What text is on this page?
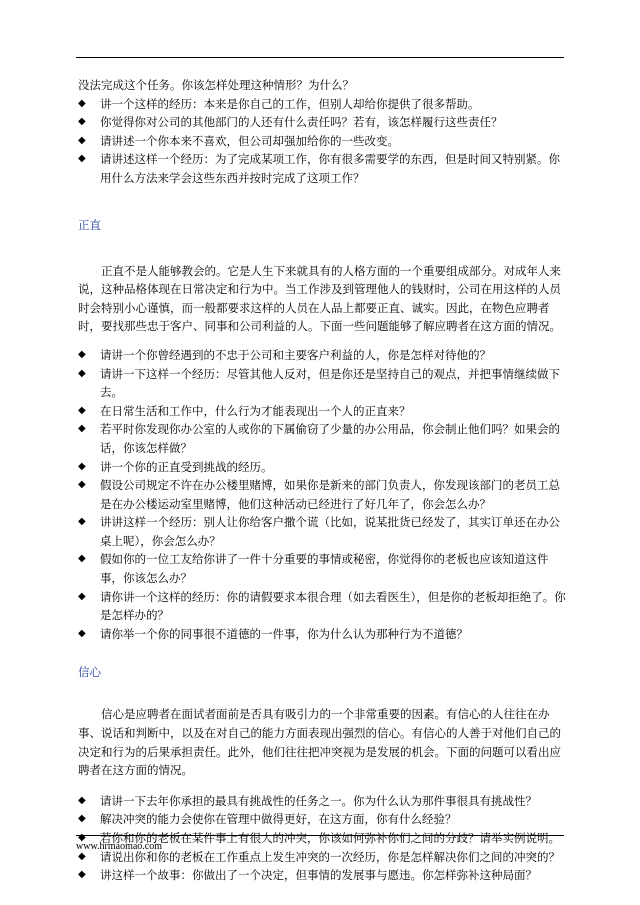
没法完成这个任务。你该怎样处理这种情形？为什么？

◆	讲一个这样的经历：本来是你自己的工作，但别人却给你提供了很多帮助。
◆	你觉得你对公司的其他部门的人还有什么责任吗？若有，该怎样履行这些责任？
◆	请讲述一个你本来不喜欢，但公司却强加给你的一些改变。
◆	请讲述这样一个经历：为了完成某项工作，你有很多需要学的东西，但是时间又特别紧。你用什么方法来学会这些东西并按时完成了这项工作？

正直

正直不是人能够教会的。它是人生下来就具有的人格方面的一个重要组成部分。对成年人来说，这种品格体现在日常决定和行为中。当工作涉及到管理他人的钱财时，公司在用这样的人员时会特别小心谨慎，而一般都要求这样的人员在人品上都要正直、诚实。因此，在物色应聘者时，要找那些忠于客户、同事和公司利益的人。下面一些问题能够了解应聘者在这方面的情况。

◆	请讲一个你曾经遇到的不忠于公司和主要客户利益的人，你是怎样对待他的？
◆	请讲一下这样一个经历：尽管其他人反对，但是你还是坚持自己的观点，并把事情继续做下去。
◆	在日常生活和工作中，什么行为才能表现出一个人的正直来？
◆	若平时你发现你办公室的人或你的下属偷窃了少量的办公用品，你会制止他们吗？如果会的话，你该怎样做？
◆	讲一个你的正直受到挑战的经历。
◆	假设公司规定不许在办公楼里赌博，如果你是新来的部门负责人，你发现该部门的老员工总是在办公楼运动室里赌博，他们这种活动已经进行了好几年了，你会怎么办？
◆	讲讲这样一个经历：别人让你给客户撒个谎（比如，说某批货已经发了，其实订单还在办公桌上呢），你会怎么办？
◆	假如你的一位工友给你讲了一件十分重要的事情或秘密，你觉得你的老板也应该知道这件事，你该怎么办？
◆	请你讲一个这样的经历：你的请假要求本很合理（如去看医生），但是你的老板却拒绝了。你是怎样办的？
◆	请你举一个你的同事很不道德的一件事，你为什么认为那种行为不道德？

信心

信心是应聘者在面试者面前是否具有吸引力的一个非常重要的因素。有信心的人往往在办事、说话和判断中，以及在对自己的能力方面表现出强烈的信心。有信心的人善于对他们自己的决定和行为的后果承担责任。此外，他们往往把冲突视为是发展的机会。下面的问题可以看出应聘者在这方面的情况。

◆	请讲一下去年你承担的最具有挑战性的任务之一。你为什么认为那件事很具有挑战性？
◆	解决冲突的能力会使你在管理中做得更好，在这方面，你有什么经验？
◆	若你和你的老板在某件事上有很大的冲突，你该如何弥补你们之间的分歧？请举实例说明。
◆	请说出你和你的老板在工作重点上发生冲突的一次经历，你是怎样解决你们之间的冲突的？
◆	讲这样一个故事：你做出了一个决定，但事情的发展事与愿违。你怎样弥补这种局面？
www.hrmaomao.com
